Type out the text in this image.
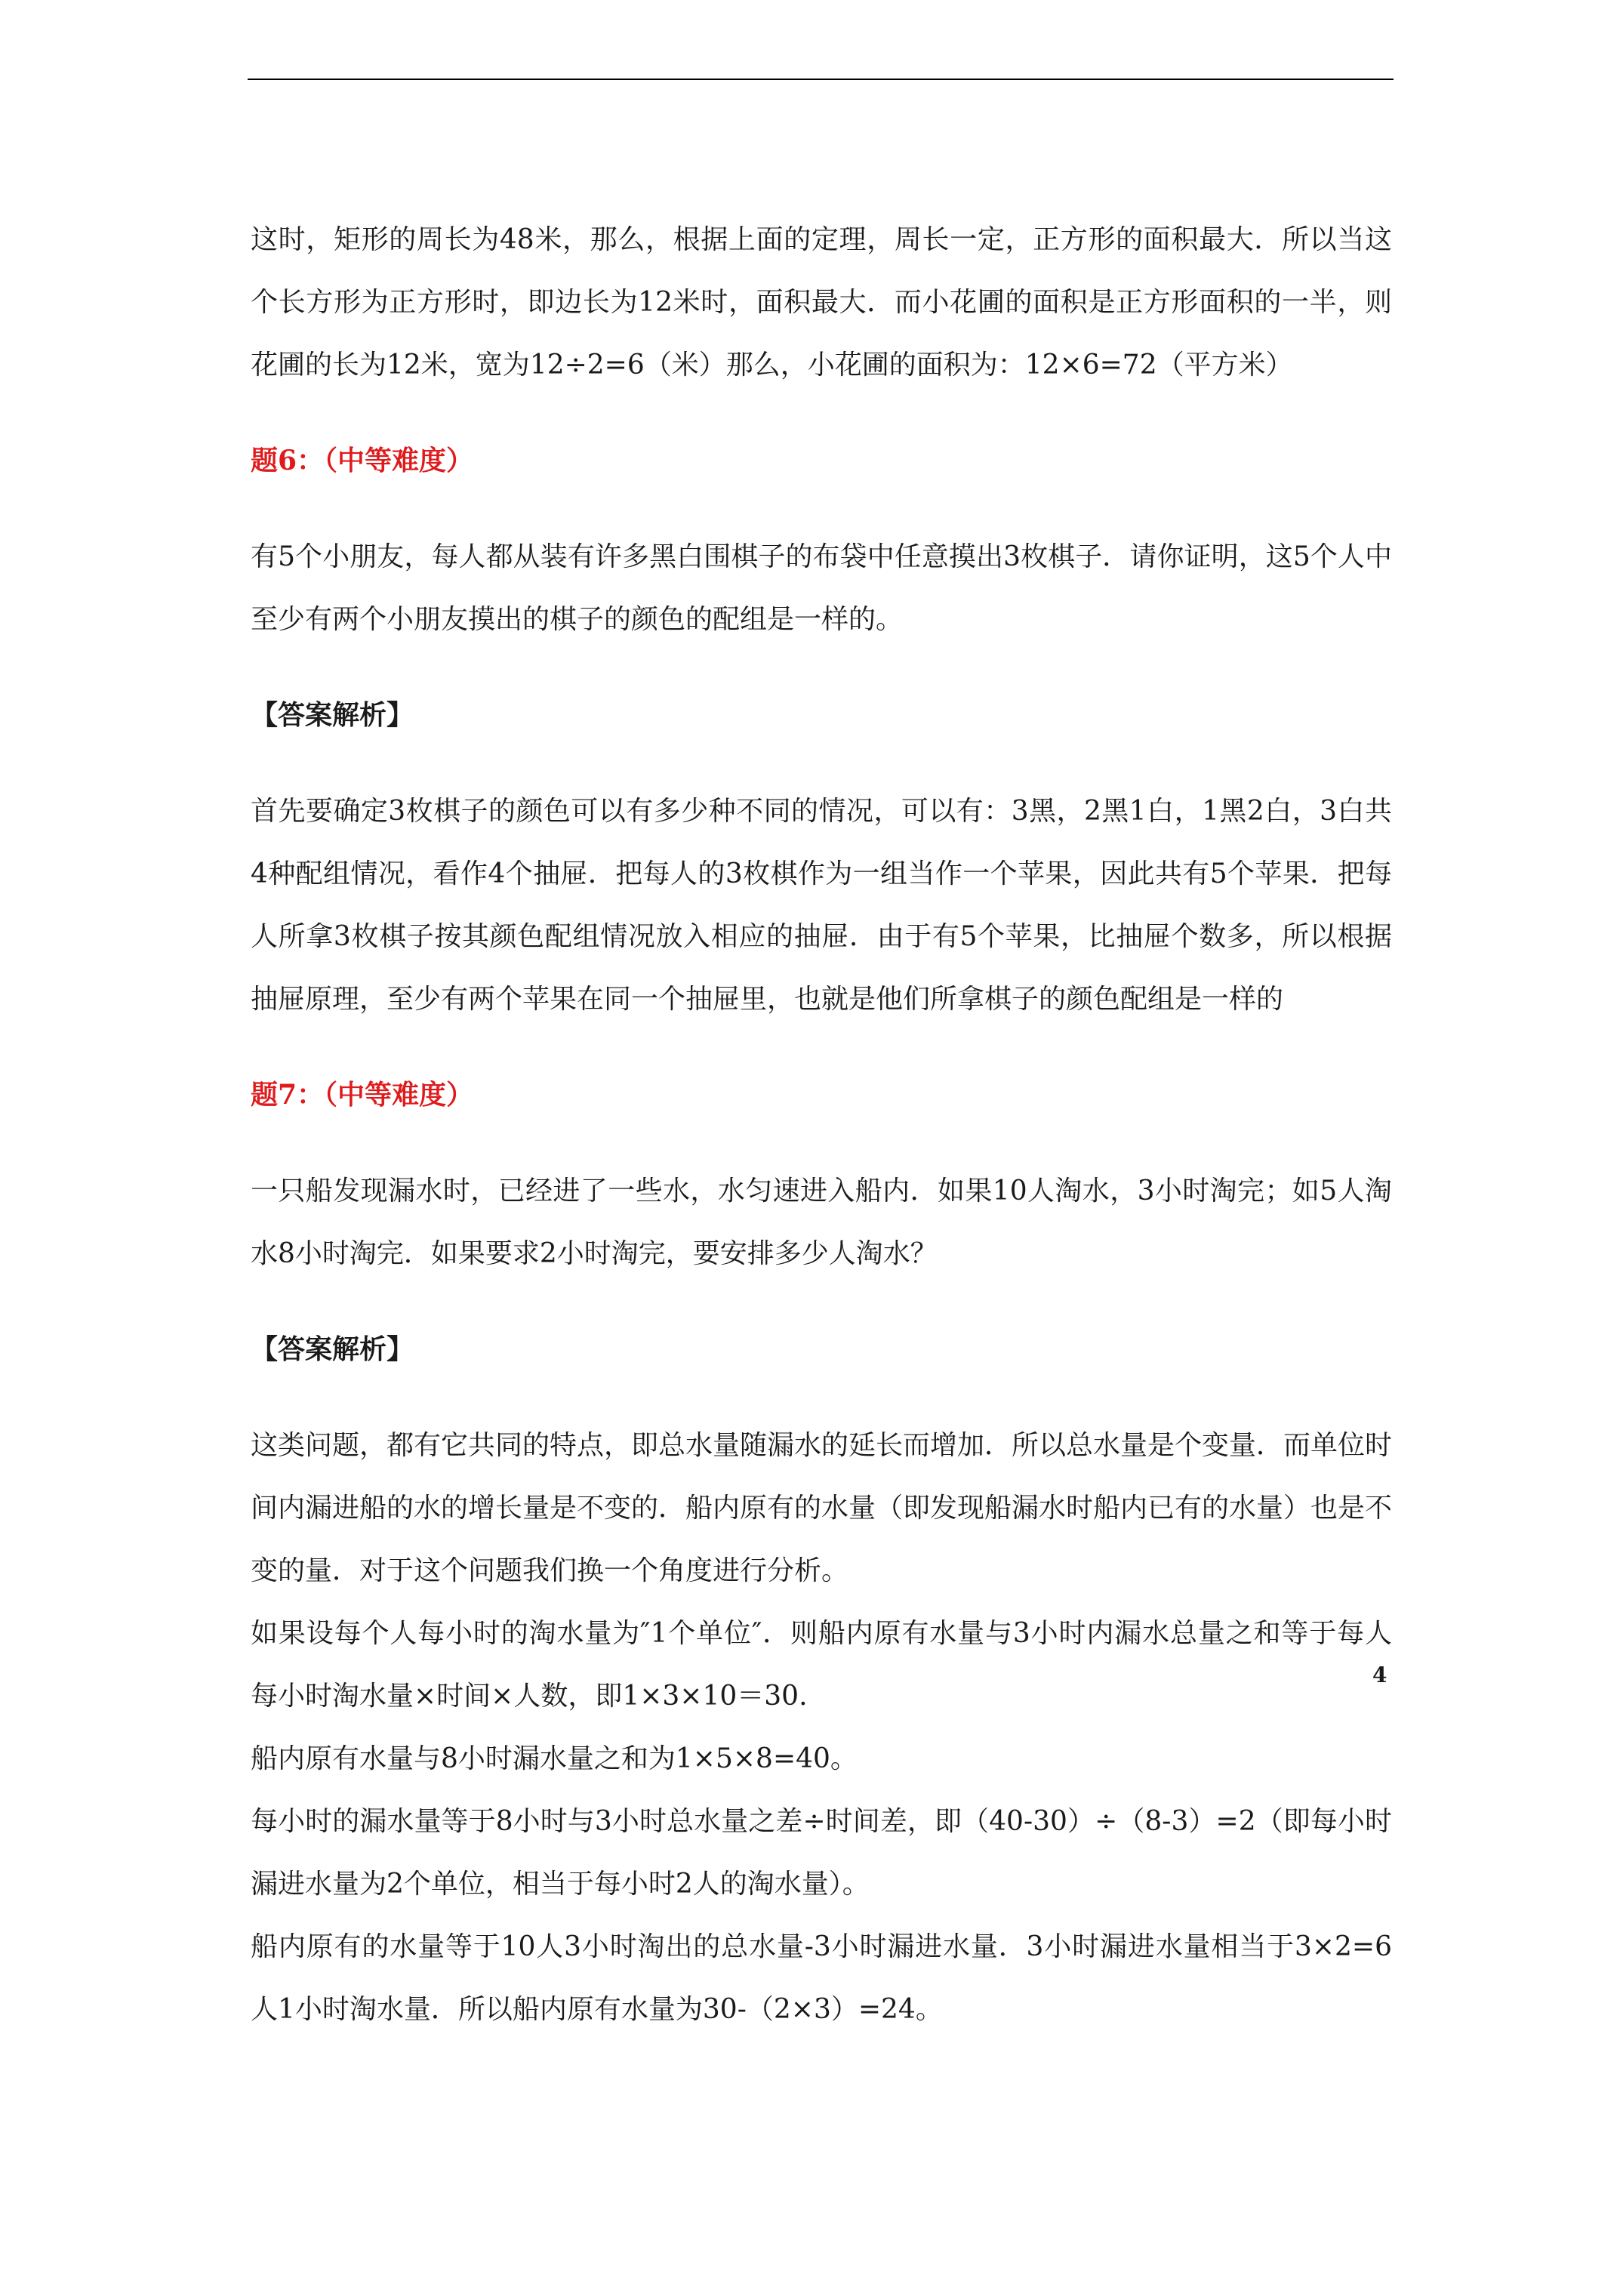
这时，矩形的周长为48米，那么，根据上面的定理，周长一定，正方形的面积最大．所以当这个长方形为正方形时，即边长为12米时，面积最大．而小花圃的面积是正方形面积的一半，则花圃的长为12米，宽为12÷2=6（米）那么，小花圃的面积为：12×6=72（平方米）

题6：（中等难度）

有5个小朋友，每人都从装有许多黑白围棋子的布袋中任意摸出3枚棋子．请你证明，这5个人中至少有两个小朋友摸出的棋子的颜色的配组是一样的。

【答案解析】

首先要确定3枚棋子的颜色可以有多少种不同的情况，可以有：3黑，2黑1白，1黑2白，3白共4种配组情况，看作4个抽屉．把每人的3枚棋作为一组当作一个苹果，因此共有5个苹果．把每人所拿3枚棋子按其颜色配组情况放入相应的抽屉．由于有5个苹果，比抽屉个数多，所以根据抽屉原理，至少有两个苹果在同一个抽屉里，也就是他们所拿棋子的颜色配组是一样的

题7：（中等难度）

一只船发现漏水时，已经进了一些水，水匀速进入船内．如果10人淘水，3小时淘完；如5人淘水8小时淘完．如果要求2小时淘完，要安排多少人淘水？

【答案解析】

这类问题，都有它共同的特点，即总水量随漏水的延长而增加．所以总水量是个变量．而单位时间内漏进船的水的增长量是不变的．船内原有的水量（即发现船漏水时船内已有的水量）也是不变的量．对于这个问题我们换一个角度进行分析。

如果设每个人每小时的淘水量为″1个单位″．则船内原有水量与3小时内漏水总量之和等于每人每小时淘水量×时间×人数，即1×3×10＝30.

船内原有水量与8小时漏水量之和为1×5×8=40。

每小时的漏水量等于8小时与3小时总水量之差÷时间差，即（40-30）÷（8-3）=2（即每小时漏进水量为2个单位，相当于每小时2人的淘水量）。

船内原有的水量等于10人3小时淘出的总水量-3小时漏进水量．3小时漏进水量相当于3×2=6人1小时淘水量．所以船内原有水量为30-（2×3）=24。

4
